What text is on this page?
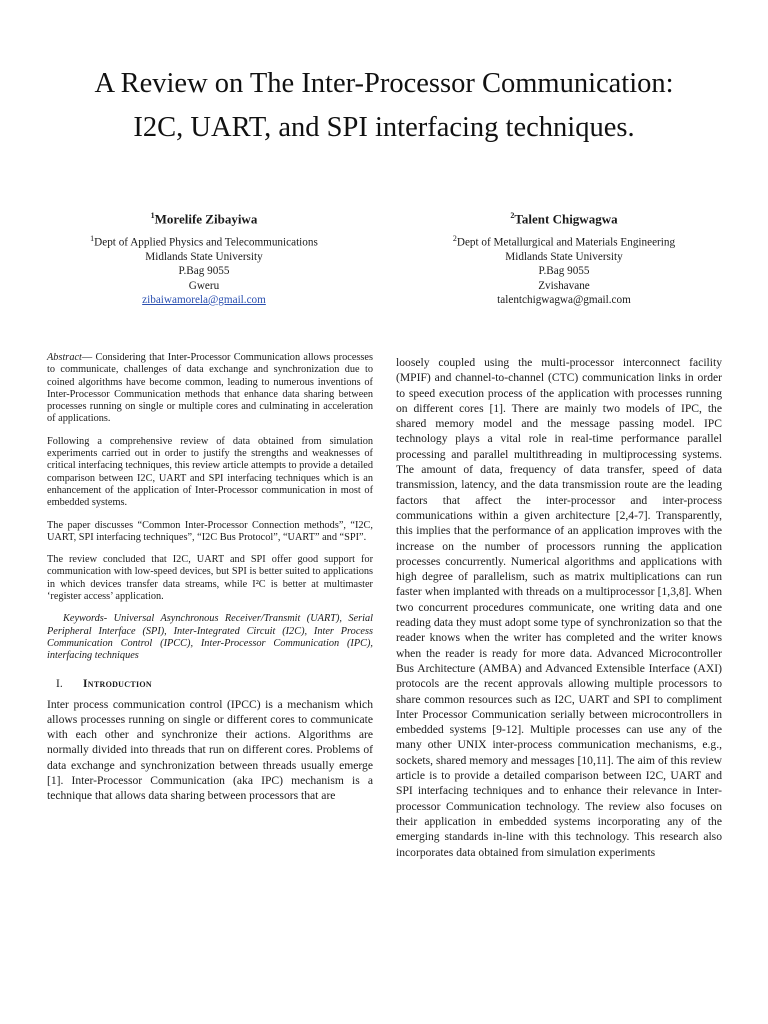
A Review on The Inter-Processor Communication:
I2C, UART, and SPI interfacing techniques.
$^1$Morelife Zibayiwa
$^1$Dept of Applied Physics and Telecommunications
Midlands State University
P.Bag 9055
Gweru
zibaiwamorela@gmail.com
$^2$Talent Chigwagwa
$^2$Dept of Metallurgical and Materials Engineering
Midlands State University
P.Bag 9055
Zvishavane
talentchigwagwa@gmail.com

Abstract— Considering that Inter-Processor Communication allows processes to communicate, challenges of data exchange and synchronization due to coined algorithms have become common, leading to numerous inventions of Inter-Processor Communication methods that enhance data sharing between processes running on single or multiple cores and culminating in acceleration of applications.

Following a comprehensive review of data obtained from simulation experiments carried out in order to justify the strengths and weaknesses of critical interfacing techniques, this review article attempts to provide a detailed comparison between I2C, UART and SPI interfacing techniques which is an enhancement of the application of Inter-Processor communication in most of embedded systems.

The paper discusses “Common Inter-Processor Connection methods”, “I2C, UART, SPI interfacing techniques”, “I2C Bus Protocol”, “UART” and “SPI”.

The review concluded that I2C, UART and SPI offer good support for communication with low-speed devices, but SPI is better suited to applications in which devices transfer data streams, while I²C is better at multimaster ‘register access’ application.

Keywords- Universal Asynchronous Receiver/Transmit (UART), Serial Peripheral Interface (SPI), Inter-Integrated Circuit (I2C), Inter Process Communication Control (IPCC), Inter-Processor Communication (IPC), interfacing techniques

I. Introduction

Inter process communication control (IPCC) is a mechanism which allows processes running on single or different cores to communicate with each other and synchronize their actions. Algorithms are normally divided into threads that run on different cores. Problems of data exchange and synchronization between threads usually emerge [1]. Inter-Processor Communication (aka IPC) mechanism is a technique that allows data sharing between processors that are

loosely coupled using the multi-processor interconnect facility (MPIF) and channel-to-channel (CTC) communication links in order to speed execution process of the application with processes running on different cores [1]. There are mainly two models of IPC, the shared memory model and the message passing model. IPC technology plays a vital role in real-time performance parallel processing and parallel multithreading in multiprocessing systems. The amount of data, frequency of data transfer, speed of data transmission, latency, and the data transmission route are the leading factors that affect the inter-processor and inter-process communications within a given architecture [2,4-7]. Transparently, this implies that the performance of an application improves with the increase on the number of processors running the application processes concurrently. Numerical algorithms and applications with high degree of parallelism, such as matrix multiplications can run faster when implanted with threads on a multiprocessor [1,3,8]. When two concurrent procedures communicate, one writing data and one reading data they must adopt some type of synchronization so that the reader knows when the writer has completed and the writer knows when the reader is ready for more data. Advanced Microcontroller Bus Architecture (AMBA) and Advanced Extensible Interface (AXI) protocols are the recent approvals allowing multiple processors to share common resources such as I2C, UART and SPI to compliment Inter Processor Communication serially between microcontrollers in embedded systems [9-12]. Multiple processes can use any of the many other UNIX inter-process communication mechanisms, e.g., sockets, shared memory and messages [10,11]. The aim of this review article is to provide a detailed comparison between I2C, UART and SPI interfacing techniques and to enhance their relevance in Inter-processor Communication technology. The review also focuses on their application in embedded systems incorporating any of the emerging standards in-line with this technology. This research also incorporates data obtained from simulation experiments
